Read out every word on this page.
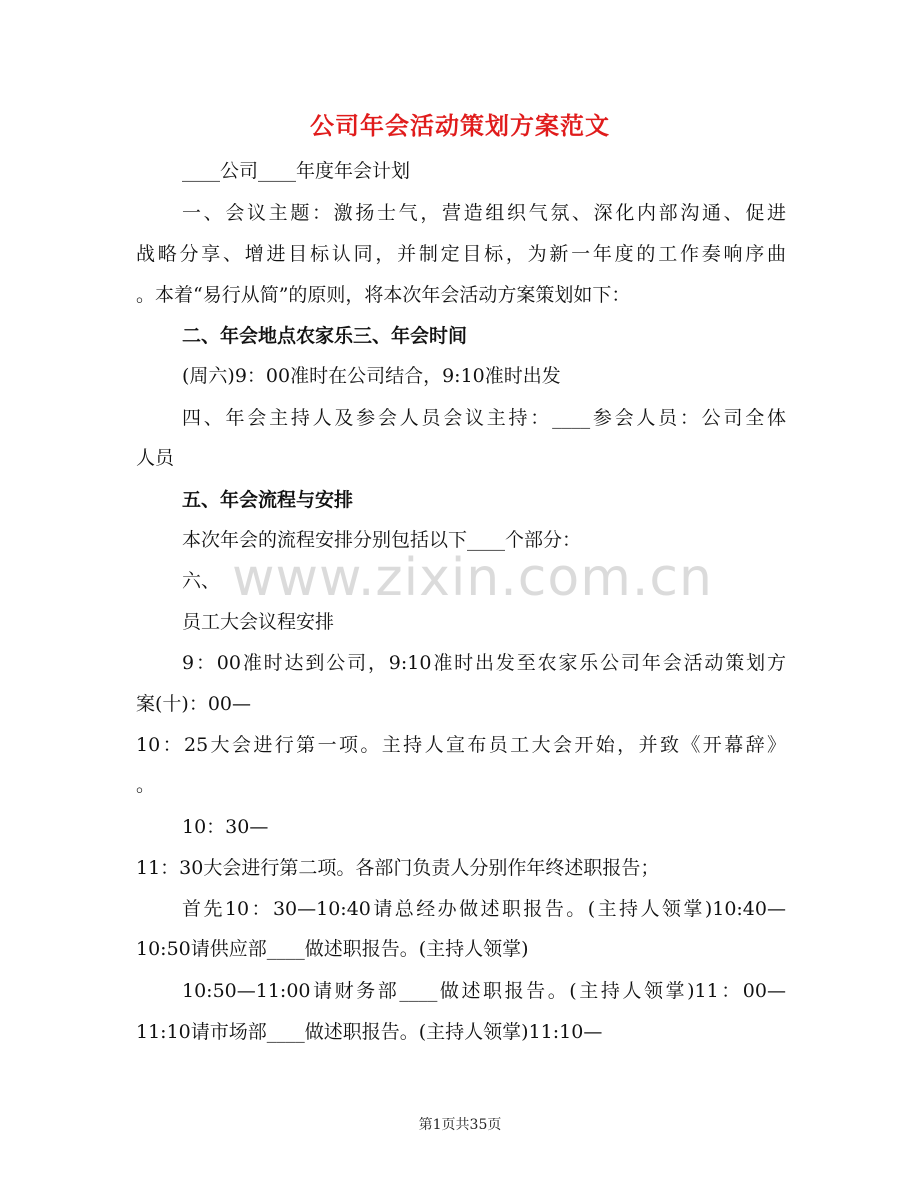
公司年会活动策划方案范文
____公司____年度年会计划
一、会议主题：激扬士气，营造组织气氛、深化内部沟通、促进
战略分享、增进目标认同，并制定目标，为新一年度的工作奏响序曲
。本着“易行从简”的原则，将本次年会活动方案策划如下：
二、年会地点农家乐三、年会时间
(周六)9：00准时在公司结合，9:10准时出发
四、年会主持人及参会人员会议主持：____参会人员：公司全体
人员
五、年会流程与安排
本次年会的流程安排分别包括以下____个部分：
六、
员工大会议程安排
9：00准时达到公司，9:10准时出发至农家乐公司年会活动策划方
案(十)：00—
10：25大会进行第一项。主持人宣布员工大会开始，并致《开幕辞》
。
10：30—
11：30大会进行第二项。各部门负责人分别作年终述职报告；
首先10：30—10:40请总经办做述职报告。(主持人领掌)10:40—
10:50请供应部____做述职报告。(主持人领掌)
10:50—11:00请财务部____做述职报告。(主持人领掌)11：00—
11:10请市场部____做述职报告。(主持人领掌)11:10—
www.zixin.com.cn
第1页共35页
